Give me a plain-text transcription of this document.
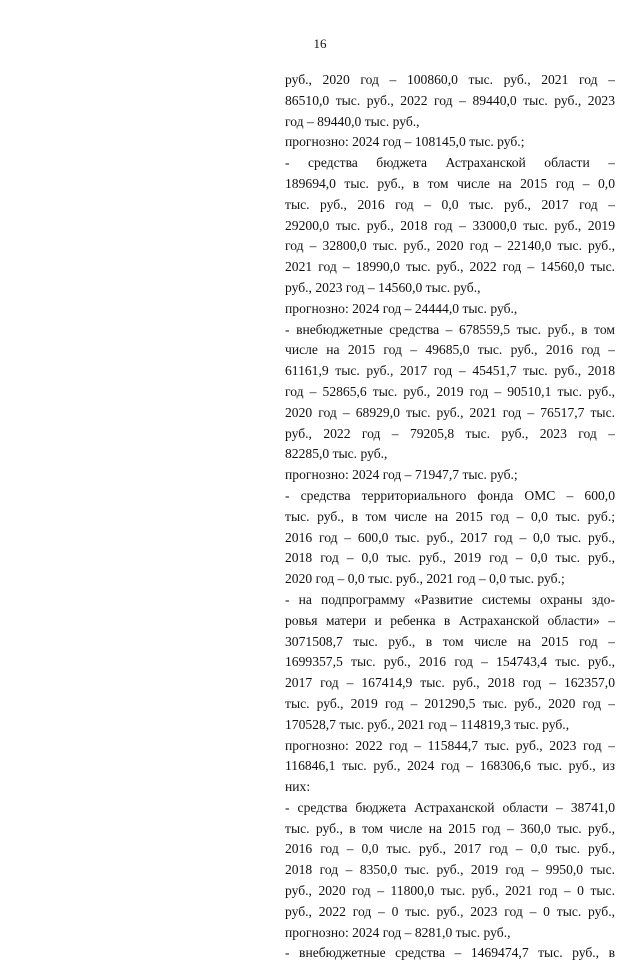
16
руб., 2020 год – 100860,0 тыс. руб., 2021 год –
86510,0 тыс. руб., 2022 год – 89440,0 тыс. руб., 2023
год – 89440,0 тыс. руб.,
прогнозно: 2024 год – 108145,0 тыс. руб.;
- средства бюджета Астраханской области –
189694,0 тыс. руб., в том числе на 2015 год – 0,0
тыс. руб., 2016 год – 0,0 тыс. руб., 2017 год –
29200,0 тыс. руб., 2018 год – 33000,0 тыс. руб., 2019
год – 32800,0 тыс. руб., 2020 год – 22140,0 тыс. руб.,
2021 год – 18990,0 тыс. руб., 2022 год – 14560,0 тыс.
руб., 2023 год – 14560,0 тыс. руб.,
прогнозно: 2024 год – 24444,0 тыс. руб.,
- внебюджетные средства – 678559,5 тыс. руб., в том
числе на 2015 год – 49685,0 тыс. руб., 2016 год –
61161,9 тыс. руб., 2017 год – 45451,7 тыс. руб., 2018
год – 52865,6 тыс. руб., 2019 год – 90510,1 тыс. руб.,
2020 год – 68929,0 тыс. руб., 2021 год – 76517,7 тыс.
руб., 2022 год – 79205,8 тыс. руб., 2023 год –
82285,0 тыс. руб.,
прогнозно: 2024 год – 71947,7 тыс. руб.;
- средства территориального фонда ОМС – 600,0
тыс. руб., в том числе на 2015 год – 0,0 тыс. руб.;
2016 год – 600,0 тыс. руб., 2017 год – 0,0 тыс. руб.,
2018 год – 0,0 тыс. руб., 2019 год – 0,0 тыс. руб.,
2020 год – 0,0 тыс. руб., 2021 год – 0,0 тыс. руб.;
- на подпрограмму «Развитие системы охраны здо-
ровья матери и ребенка в Астраханской области» –
3071508,7 тыс. руб., в том числе на 2015 год –
1699357,5 тыс. руб., 2016 год – 154743,4 тыс. руб.,
2017 год – 167414,9 тыс. руб., 2018 год – 162357,0
тыс. руб., 2019 год – 201290,5 тыс. руб., 2020 год –
170528,7 тыс. руб., 2021 год – 114819,3 тыс. руб.,
прогнозно: 2022 год – 115844,7 тыс. руб., 2023 год –
116846,1 тыс. руб., 2024 год – 168306,6 тыс. руб., из
них:
- средства бюджета Астраханской области – 38741,0
тыс. руб., в том числе на 2015 год – 360,0 тыс. руб.,
2016 год – 0,0 тыс. руб., 2017 год – 0,0 тыс. руб.,
2018 год – 8350,0 тыс. руб., 2019 год – 9950,0 тыс.
руб., 2020 год – 11800,0 тыс. руб., 2021 год – 0 тыс.
руб., 2022 год – 0 тыс. руб., 2023 год – 0 тыс. руб.,
прогнозно: 2024 год – 8281,0 тыс. руб.,
- внебюджетные средства – 1469474,7 тыс. руб., в
